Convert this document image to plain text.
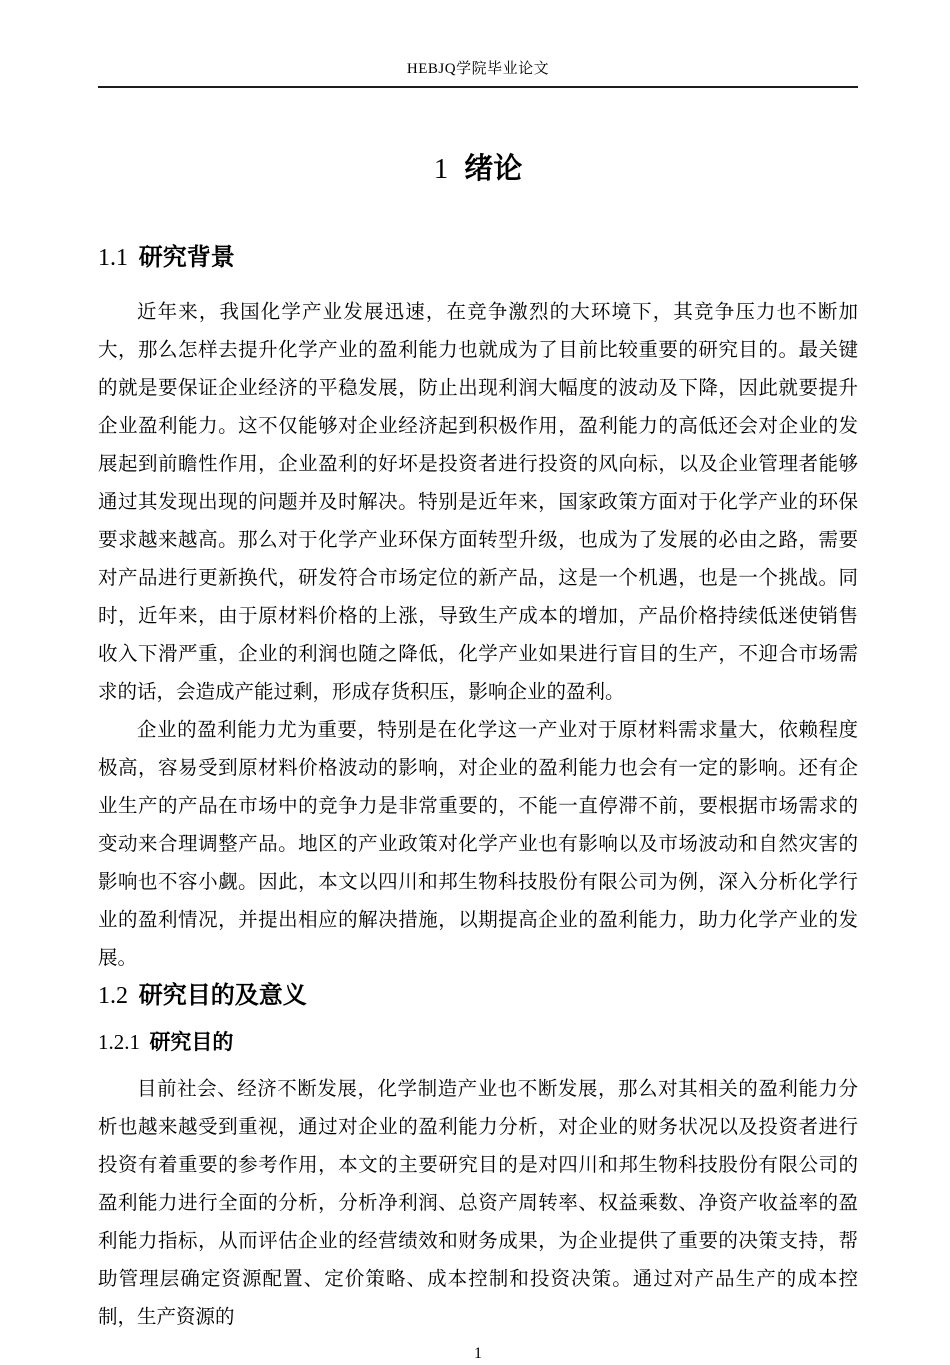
HEBJQ学院毕业论文
1 绪论
1.1 研究背景

近年来，我国化学产业发展迅速，在竞争激烈的大环境下，其竞争压力也不断加大，那么怎样去提升化学产业的盈利能力也就成为了目前比较重要的研究目的。最关键的就是要保证企业经济的平稳发展，防止出现利润大幅度的波动及下降，因此就要提升企业盈利能力。这不仅能够对企业经济起到积极作用，盈利能力的高低还会对企业的发展起到前瞻性作用，企业盈利的好坏是投资者进行投资的风向标，以及企业管理者能够通过其发现出现的问题并及时解决。特别是近年来，国家政策方面对于化学产业的环保要求越来越高。那么对于化学产业环保方面转型升级，也成为了发展的必由之路，需要对产品进行更新换代，研发符合市场定位的新产品，这是一个机遇，也是一个挑战。同时，近年来，由于原材料价格的上涨，导致生产成本的增加，产品价格持续低迷使销售收入下滑严重，企业的利润也随之降低，化学产业如果进行盲目的生产，不迎合市场需求的话，会造成产能过剩，形成存货积压，影响企业的盈利。

企业的盈利能力尤为重要，特别是在化学这一产业对于原材料需求量大，依赖程度极高，容易受到原材料价格波动的影响，对企业的盈利能力也会有一定的影响。还有企业生产的产品在市场中的竞争力是非常重要的，不能一直停滞不前，要根据市场需求的变动来合理调整产品。地区的产业政策对化学产业也有影响以及市场波动和自然灾害的影响也不容小觑。因此，本文以四川和邦生物科技股份有限公司为例，深入分析化学行业的盈利情况，并提出相应的解决措施，以期提高企业的盈利能力，助力化学产业的发展。

1.2 研究目的及意义
1.2.1 研究目的

目前社会、经济不断发展，化学制造产业也不断发展，那么对其相关的盈利能力分析也越来越受到重视，通过对企业的盈利能力分析，对企业的财务状况以及投资者进行投资有着重要的参考作用，本文的主要研究目的是对四川和邦生物科技股份有限公司的盈利能力进行全面的分析，分析净利润、总资产周转率、权益乘数、净资产收益率的盈利能力指标，从而评估企业的经营绩效和财务成果，为企业提供了重要的决策支持，帮助管理层确定资源配置、定价策略、成本控制和投资决策。通过对产品生产的成本控制，生产资源的

1
